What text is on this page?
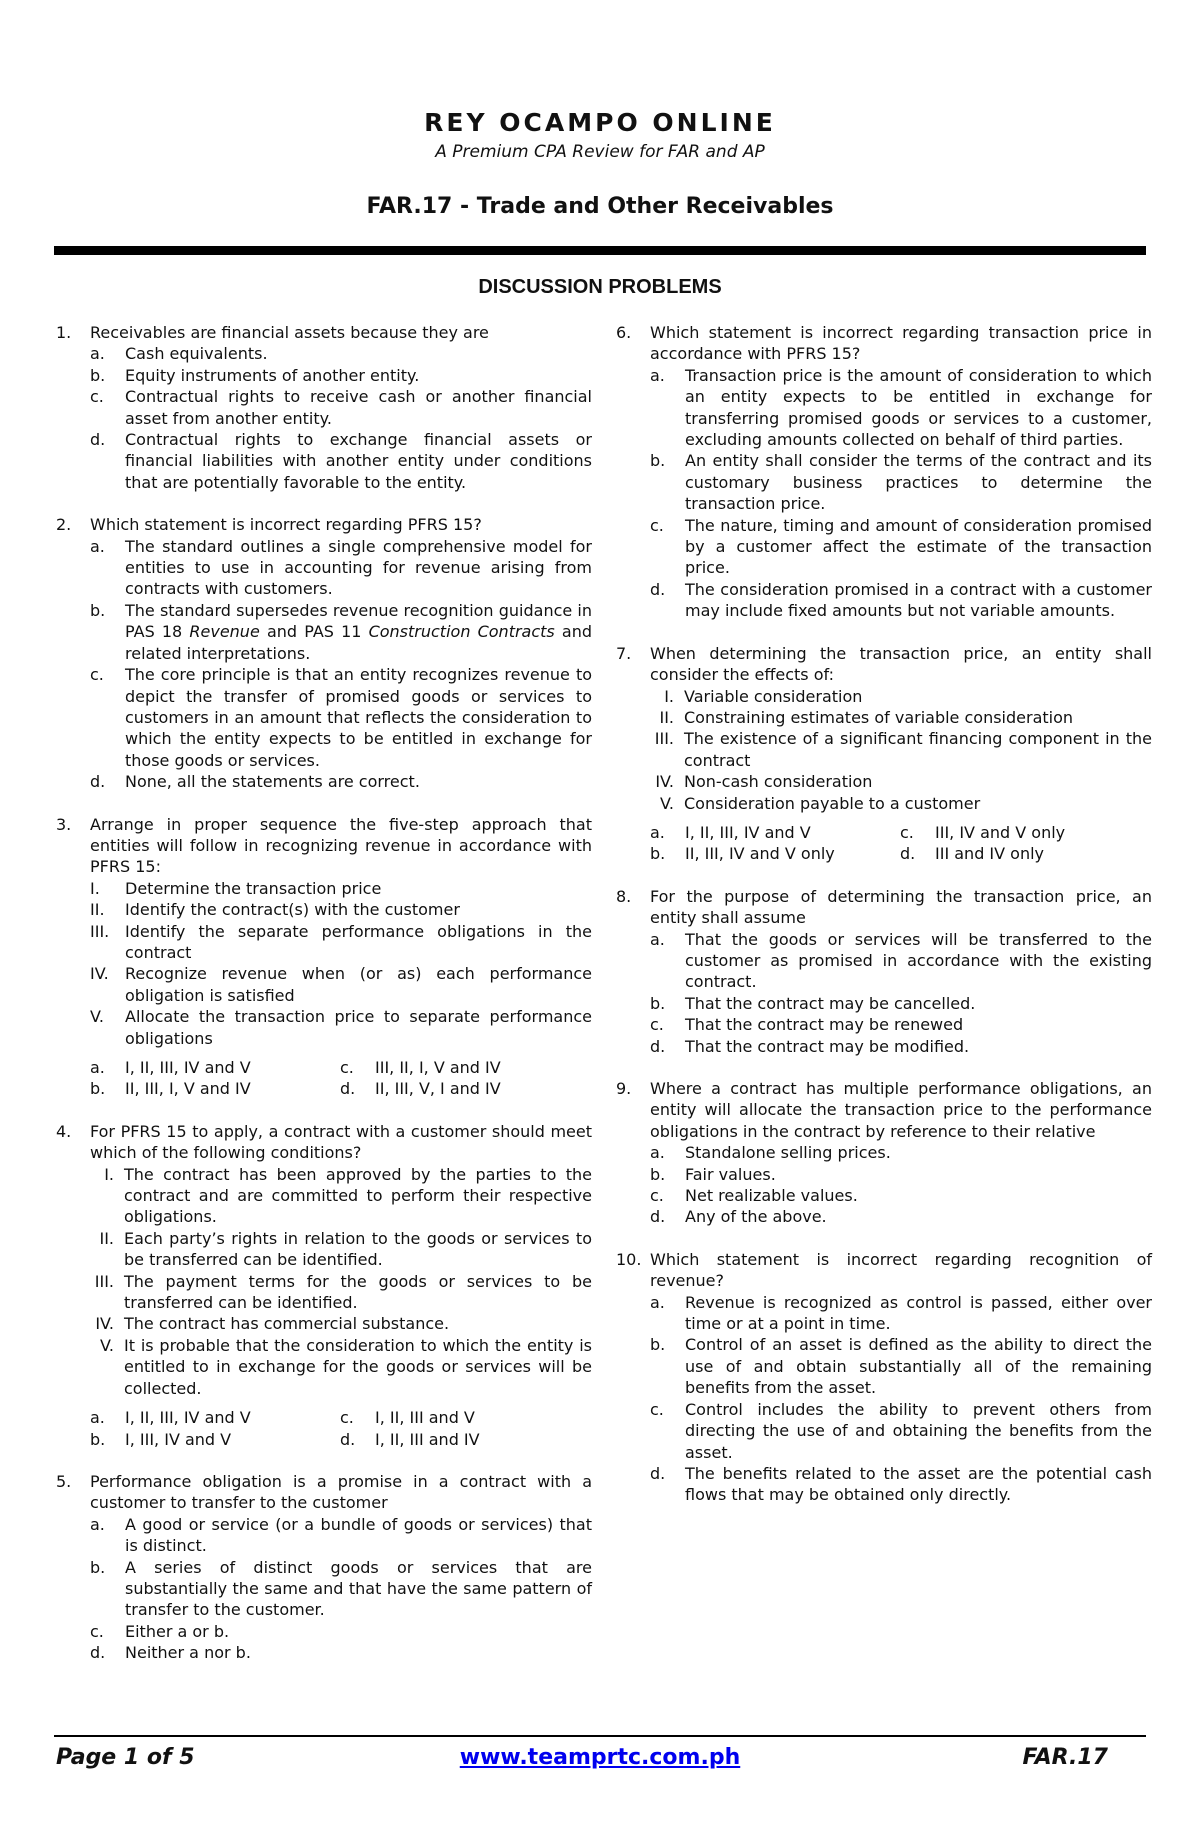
REY OCAMPO ONLINE
A Premium CPA Review for FAR and AP
FAR.17 - Trade and Other Receivables
DISCUSSION PROBLEMS
1.	Receivables are financial assets because they are
a.	Cash equivalents.
b.	Equity instruments of another entity.
c.	Contractual rights to receive cash or another financial asset from another entity.
d.	Contractual rights to exchange financial assets or financial liabilities with another entity under conditions that are potentially favorable to the entity.
2.	Which statement is incorrect regarding PFRS 15?
a.	The standard outlines a single comprehensive model for entities to use in accounting for revenue arising from contracts with customers.
b.	The standard supersedes revenue recognition guidance in PAS 18 Revenue and PAS 11 Construction Contracts and related interpretations.
c.	The core principle is that an entity recognizes revenue to depict the transfer of promised goods or services to customers in an amount that reflects the consideration to which the entity expects to be entitled in exchange for those goods or services.
d.	None, all the statements are correct.
3.	Arrange in proper sequence the five-step approach that entities will follow in recognizing revenue in accordance with PFRS 15:
I.	Determine the transaction price
II.	Identify the contract(s) with the customer
III. Identify the separate performance obligations in the contract
IV.	Recognize revenue when (or as) each performance obligation is satisfied
V.	Allocate the transaction price to separate performance obligations
a.	I, II, III, IV and V	c.	III, II, I, V and IV
b.	II, III, I, V and IV	d.	II, III, V, I and IV
4.	For PFRS 15 to apply, a contract with a customer should meet which of the following conditions?
I. The contract has been approved by the parties to the contract and are committed to perform their respective obligations.
II. Each party’s rights in relation to the goods or services to be transferred can be identified.
III. The payment terms for the goods or services to be transferred can be identified.
IV. The contract has commercial substance.
V. It is probable that the consideration to which the entity is entitled to in exchange for the goods or services will be collected.
a.	I, II, III, IV and V	c.	I, II, III and V
b.	I, III, IV and V	d.	I, II, III and IV
5.	Performance obligation is a promise in a contract with a customer to transfer to the customer
a.	A good or service (or a bundle of goods or services) that is distinct.
b.	A series of distinct goods or services that are substantially the same and that have the same pattern of transfer to the customer.
c.	Either a or b.
d.	Neither a nor b.
6.	Which statement is incorrect regarding transaction price in accordance with PFRS 15?
a.	Transaction price is the amount of consideration to which an entity expects to be entitled in exchange for transferring promised goods or services to a customer, excluding amounts collected on behalf of third parties.
b.	An entity shall consider the terms of the contract and its customary business practices to determine the transaction price.
c.	The nature, timing and amount of consideration promised by a customer affect the estimate of the transaction price.
d.	The consideration promised in a contract with a customer may include fixed amounts but not variable amounts.
7.	When determining the transaction price, an entity shall consider the effects of:
I. Variable consideration
II. Constraining estimates of variable consideration
III. The existence of a significant financing component in the contract
IV. Non-cash consideration
V. Consideration payable to a customer
a.	I, II, III, IV and V	c.	III, IV and V only
b.	II, III, IV and V only	d.	III and IV only
8.	For the purpose of determining the transaction price, an entity shall assume
a.	That the goods or services will be transferred to the customer as promised in accordance with the existing contract.
b.	That the contract may be cancelled.
c.	That the contract may be renewed
d.	That the contract may be modified.
9.	Where a contract has multiple performance obligations, an entity will allocate the transaction price to the performance obligations in the contract by reference to their relative
a.	Standalone selling prices.
b.	Fair values.
c.	Net realizable values.
d.	Any of the above.
10. Which statement is incorrect regarding recognition of revenue?
a.	Revenue is recognized as control is passed, either over time or at a point in time.
b.	Control of an asset is defined as the ability to direct the use of and obtain substantially all of the remaining benefits from the asset.
c.	Control includes the ability to prevent others from directing the use of and obtaining the benefits from the asset.
d.	The benefits related to the asset are the potential cash flows that may be obtained only directly.
Page 1 of 5	www.teamprtc.com.ph	FAR.17
